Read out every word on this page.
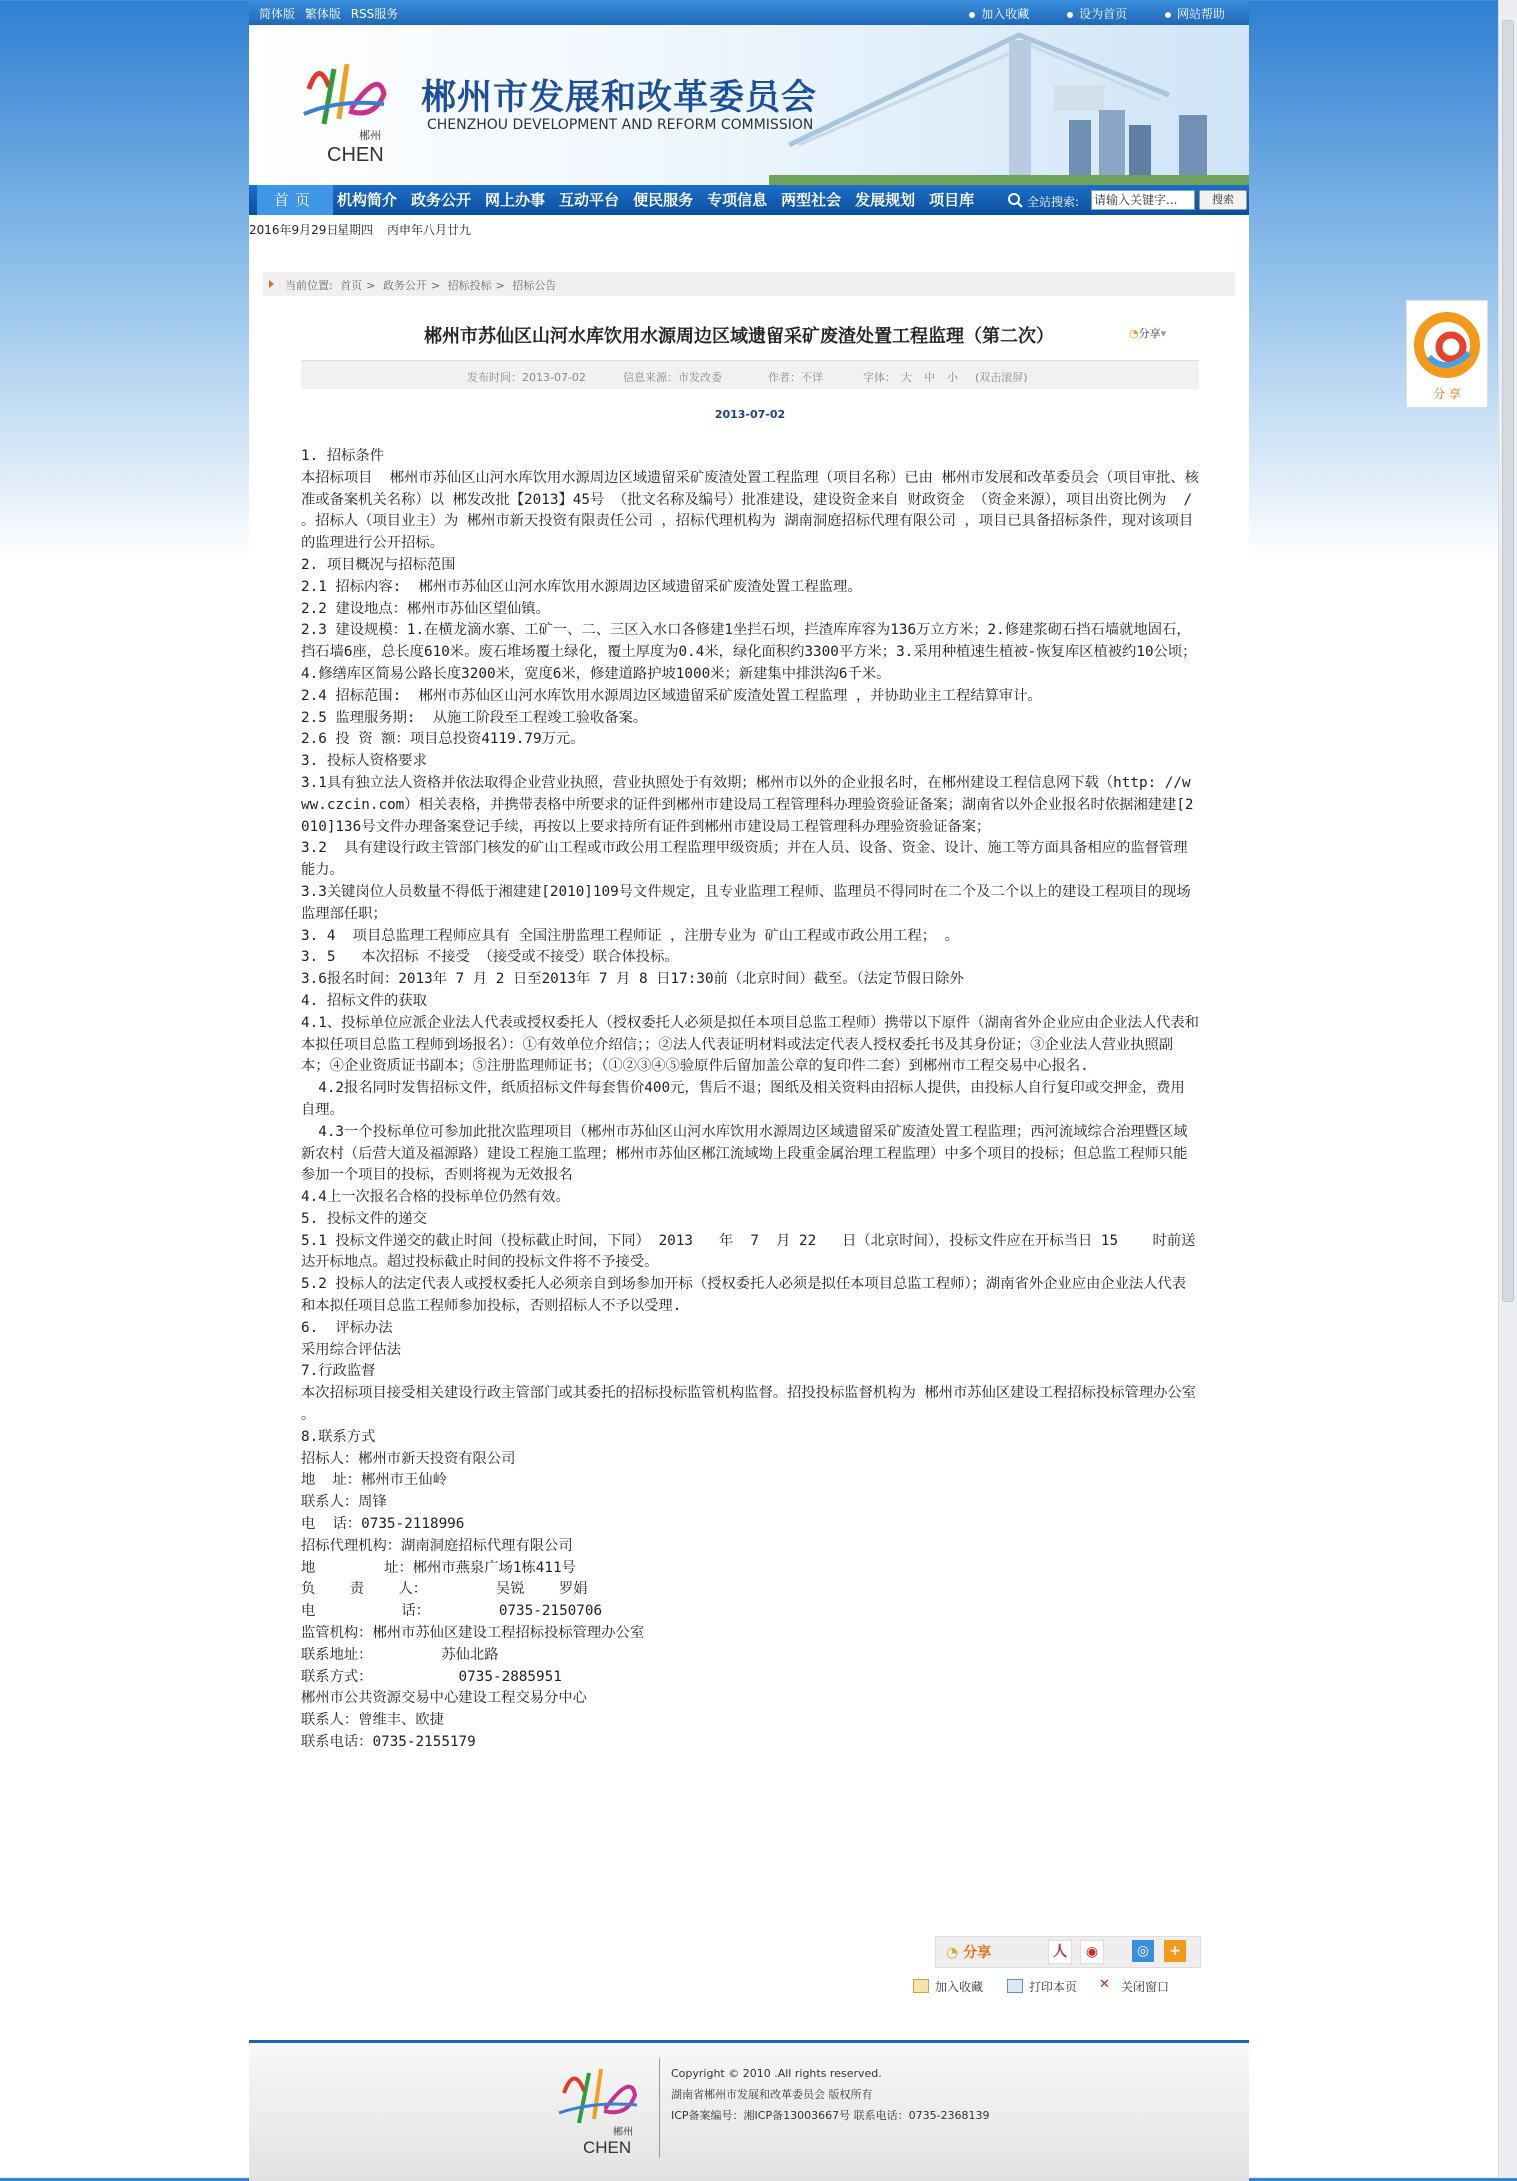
分 享
简体版 繁体版 RSS服务	加入收藏	设为首页	网站帮助
郴州
CHEN
郴州市发展和改革委员会
CHENZHOU DEVELOPMENT AND REFORM COMMISSION
首页	机构简介 政务公开 网上办事 互动平台 便民服务 专项信息 两型社会 发展规划 项目库	全站搜索: 请输入关键字...	搜索
2016年9月29日
星期四 丙申年八月廿九
当前位置: 首页 > 政务公开 > 招标投标 > 招标公告
郴州市苏仙区山河水库饮用水源周边区域遗留采矿废渣处置工程监理（第二次）	◔分享▾
发布时间：2013-07-02	信息来源：市发改委	作者：不详	字体： 大 中 小 (双击滚屏)
2013-07-02

1. 招标条件

本招标项目  郴州市苏仙区山河水库饮用水源周边区域遗留采矿废渣处置工程监理（项目名称）已由 郴州市发展和改革委员会（项目审批、核准或备案机关名称）以 郴发改批【2013】45号 （批文名称及编号）批准建设，建设资金来自 财政资金 （资金来源），项目出资比例为  /  。招标人（项目业主）为 郴州市新天投资有限责任公司 ，招标代理机构为 湖南洞庭招标代理有限公司 ，项目已具备招标条件，现对该项目的监理进行公开招标。

2. 项目概况与招标范围

2.1 招标内容:  郴州市苏仙区山河水库饮用水源周边区域遗留采矿废渣处置工程监理。

2.2 建设地点：郴州市苏仙区望仙镇。

2.3 建设规模：1.在横龙滴水寨、工矿一、二、三区入水口各修建1坐拦石坝，拦渣库库容为136万立方米；2.修建浆砌石挡石墙就地固石，挡石墙6座，总长度610米。废石堆场覆土绿化，覆土厚度为0.4米，绿化面积约3300平方米；3.采用种植速生植被-恢复库区植被约10公顷；4.修缮库区简易公路长度3200米，宽度6米，修建道路护坡1000米；新建集中排洪沟6千米。

2.4 招标范围:  郴州市苏仙区山河水库饮用水源周边区域遗留采矿废渣处置工程监理 ，并协助业主工程结算审计。

2.5 监理服务期:  从施工阶段至工程竣工验收备案。

2.6 投 资 额：项目总投资4119.79万元。

3. 投标人资格要求

3.1具有独立法人资格并依法取得企业营业执照，营业执照处于有效期；郴州市以外的企业报名时，在郴州建设工程信息网下载（http: //www.czcin.com）相关表格，并携带表格中所要求的证件到郴州市建设局工程管理科办理验资验证备案；湖南省以外企业报名时依据湘建建[2010]136号文件办理备案登记手续，再按以上要求持所有证件到郴州市建设局工程管理科办理验资验证备案；

3.2  具有建设行政主管部门核发的矿山工程或市政公用工程监理甲级资质；并在人员、设备、资金、设计、施工等方面具备相应的监督管理能力。

3.3关键岗位人员数量不得低于湘建建[2010]109号文件规定，且专业监理工程师、监理员不得同时在二个及二个以上的建设工程项目的现场监理部任职；

3. 4  项目总监理工程师应具有 全国注册监理工程师证 ，注册专业为 矿山工程或市政公用工程； 。

3. 5   本次招标 不接受 （接受或不接受）联合体投标。

3.6报名时间：2013年 7 月 2 日至2013年 7 月 8 日17:30前（北京时间）截至。（法定节假日除外

4. 招标文件的获取

4.1、投标单位应派企业法人代表或授权委托人（授权委托人必须是拟任本项目总监工程师）携带以下原件（湖南省外企业应由企业法人代表和本拟任项目总监工程师到场报名）：①有效单位介绍信；；②法人代表证明材料或法定代表人授权委托书及其身份证；③企业法人营业执照副本；④企业资质证书副本；⑤注册监理师证书；（①②③④⑤验原件后留加盖公章的复印件二套）到郴州市工程交易中心报名.

4.2报名同时发售招标文件，纸质招标文件每套售价400元，售后不退；图纸及相关资料由招标人提供，由投标人自行复印或交押金，费用自理。

4.3一个投标单位可参加此批次监理项目（郴州市苏仙区山河水库饮用水源周边区域遗留采矿废渣处置工程监理；西河流域综合治理暨区域新农村（后营大道及福源路）建设工程施工监理；郴州市苏仙区郴江流域坳上段重金属治理工程监理）中多个项目的投标；但总监工程师只能参加一个项目的投标，否则将视为无效报名

4.4上一次报名合格的投标单位仍然有效。

5. 投标文件的递交

5.1 投标文件递交的截止时间（投标截止时间，下同） 2013   年  7  月 22   日（北京时间），投标文件应在开标当日 15    时前送达开标地点。超过投标截止时间的投标文件将不予接受。

5.2 投标人的法定代表人或授权委托人必须亲自到场参加开标（授权委托人必须是拟任本项目总监工程师）；湖南省外企业应由企业法人代表和本拟任项目总监工程师参加投标，否则招标人不予以受理.

6.  评标办法

采用综合评估法

7.行政监督

本次招标项目接受相关建设行政主管部门或其委托的招标投标监管机构监督。招投投标监督机构为 郴州市苏仙区建设工程招标投标管理办公室    。

8.联系方式

招标人：郴州市新天投资有限公司

地  址：郴州市王仙岭

联系人：周锋

电  话：0735-2118996

招标代理机构：湖南洞庭招标代理有限公司

地        址：郴州市燕泉广场1栋411号

负    责    人：        吴锐    罗娟

电          话：        0735-2150706

监管机构：郴州市苏仙区建设工程招标投标管理办公室

联系地址：        苏仙北路

联系方式：          0735-2885951

郴州市公共资源交易中心建设工程交易分中心

联系人：曾维丰、欧捷

联系电话：0735-2155179

◔ 分享	人	◉	◎	+
加入收藏	打印本页 ✕ 关闭窗口
郴州
CHEN
Copyright © 2010 .All rights reserved.
湖南省郴州市发展和改革委员会 版权所有
ICP备案编号：湘ICP备13003667号 联系电话：0735-2368139
